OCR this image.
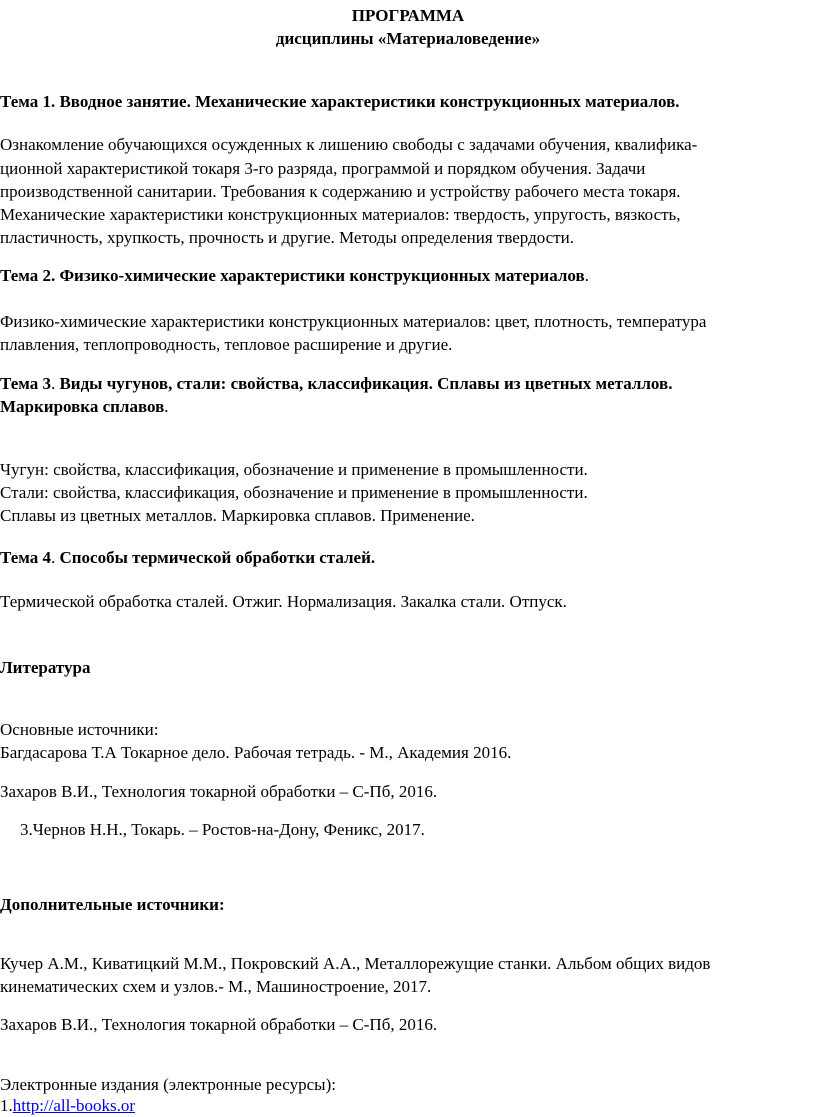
ПРОГРАММА
дисциплины «Материаловедение»
Тема 1. Вводное занятие. Механические характеристики конструкционных материалов.
Ознакомление обучающихся осужденных к лишению свободы с задачами обучения, квалифика-
ционной характеристикой токаря 3-го разряда, программой и порядком обучения. Задачи
производственной санитарии. Требования к содержанию и устройству рабочего места токаря.
Механические характеристики конструкционных материалов: твердость, упругость, вязкость,
пластичность, хрупкость, прочность и другие. Методы определения твердости.
Тема 2. Физико-химические характеристики конструкционных материалов.
Физико-химические характеристики конструкционных материалов: цвет, плотность, температура
плавления, теплопроводность, тепловое расширение и другие.
Тема 3. Виды чугунов, стали: свойства, классификация. Сплавы из цветных металлов.
Маркировка сплавов.
Чугун: свойства, классификация, обозначение и применение в промышленности.
Стали: свойства, классификация, обозначение и применение в промышленности.
Сплавы из цветных металлов. Маркировка сплавов. Применение.
Тема 4. Способы термической обработки сталей.
Термической обработка сталей. Отжиг. Нормализация. Закалка стали. Отпуск.
Литература
Основные источники:
Багдасарова Т.А Токарное дело. Рабочая тетрадь. - М., Академия 2016.
Захаров В.И., Технология токарной обработки – С-Пб, 2016.
3.Чернов Н.Н., Токарь. – Ростов-на-Дону, Феникс, 2017.
Дополнительные источники:
Кучер А.М., Киватицкий М.М., Покровский А.А., Металлорежущие станки. Альбом общих видов
кинематических схем и узлов.- М., Машиностроение, 2017.
Захаров В.И., Технология токарной обработки – С-Пб, 2016.
Электронные издания (электронные ресурсы):
1.http://all-books.or
